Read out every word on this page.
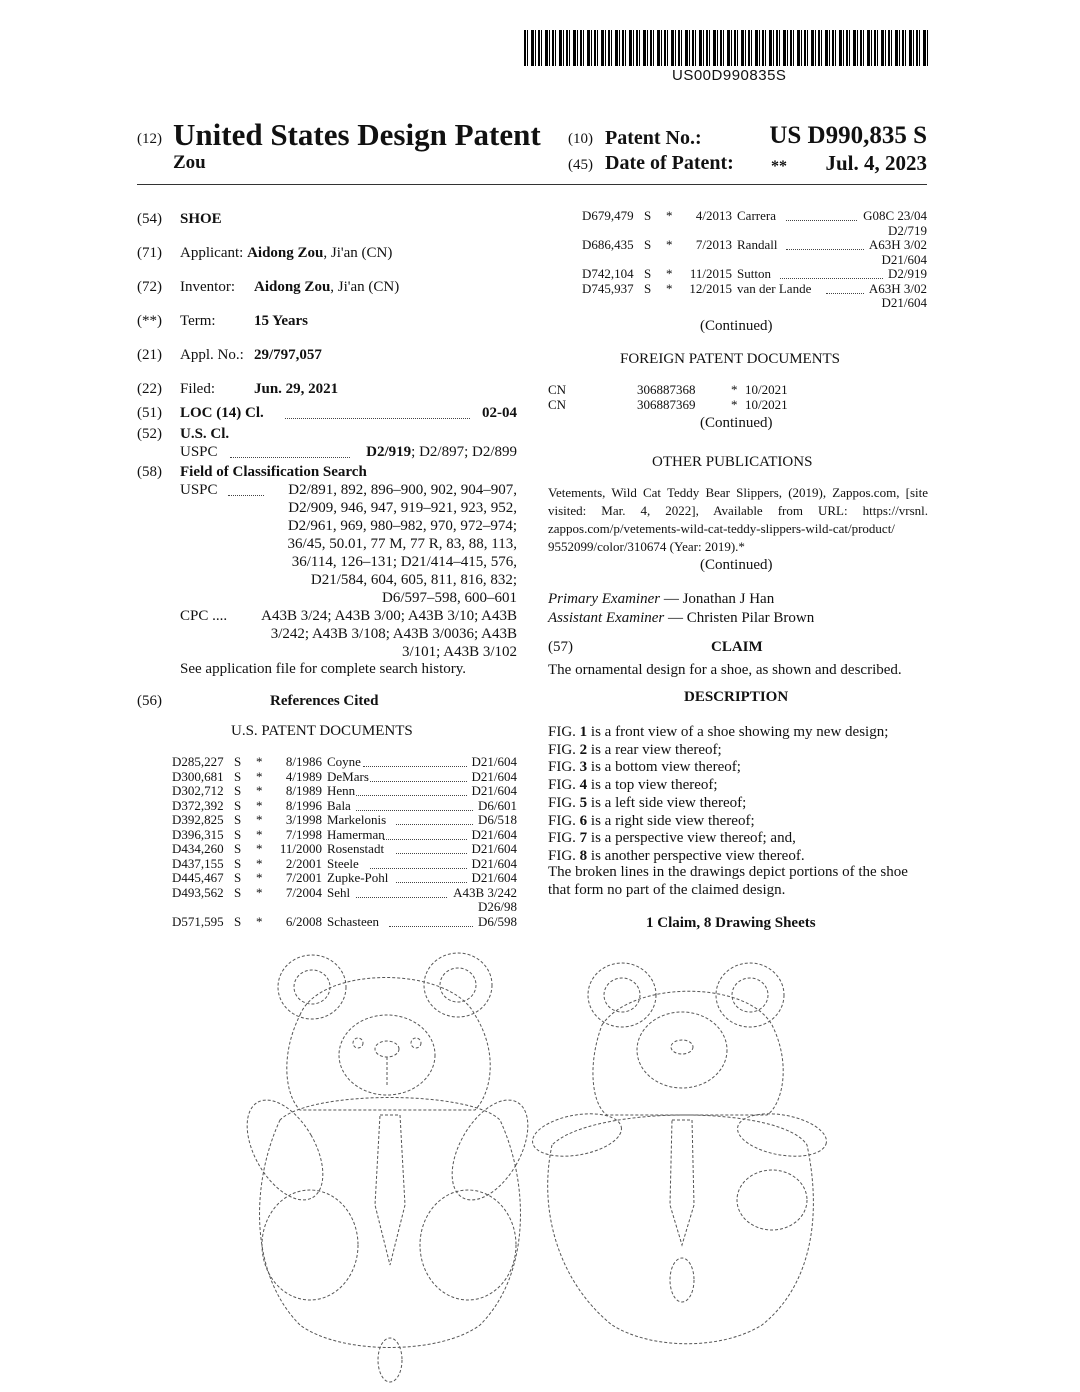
US00D990835S
(12) United States Design Patent
Zou
(10) Patent No.:	US D990,835 S
(45) Date of Patent: ** Jul. 4, 2023
(54) SHOE
(71) Applicant: Aidong Zou, Ji'an (CN)
(72) Inventor: Aidong Zou, Ji'an (CN)
(**) Term:	15 Years
(21) Appl. No.: 29/797,057
(22) Filed:	Jun. 29, 2021
(51) LOC (14) Cl.	02-04
(52) U.S. Cl.
USPC	D2/919; D2/897; D2/899
(58) Field of Classification Search
USPC	D2/891, 892, 896–900, 902, 904–907,
D2/909, 946, 947, 919–921, 923, 952,
D2/961, 969, 980–982, 970, 972–974;
36/45, 50.01, 77 M, 77 R, 83, 88, 113,
36/114, 126–131; D21/414–415, 576,
D21/584, 604, 605, 811, 816, 832;
D6/597–598, 600–601
CPC .... A43B 3/24; A43B 3/00; A43B 3/10; A43B
3/242; A43B 3/108; A43B 3/0036; A43B
3/101; A43B 3/102
See application file for complete search history.
(56)	References Cited
U.S. PATENT DOCUMENTS
D285,227 S * 8/1986 Coyne	D21/604
D300,681 S * 4/1989 DeMars	D21/604
D302,712 S * 8/1989 Henn	D21/604
D372,392 S * 8/1996 Bala	D6/601
D392,825 S * 3/1998 Markelonis	D6/518
D396,315 S * 7/1998 Hamerman	D21/604
D434,260 S * 11/2000 Rosenstadt	D21/604
D437,155 S * 2/2001 Steele	D21/604
D445,467 S * 7/2001 Zupke-Pohl	D21/604
D493,562 S * 7/2004 Sehl	A43B 3/242
D26/98
D571,595 S * 6/2008 Schasteen	D6/598
D679,479 S * 4/2013 Carrera	G08C 23/04
D2/719
D686,435 S * 7/2013 Randall	A63H 3/02
D21/604
D742,104 S * 11/2015 Sutton	D2/919
D745,937 S * 12/2015 van der Lande	A63H 3/02
D21/604
(Continued)
FOREIGN PATENT DOCUMENTS
CN	306887368	* 10/2021
CN	306887369	* 10/2021
(Continued)
OTHER PUBLICATIONS
Vetements, Wild Cat Teddy Bear Slippers, (2019), Zappos.com, [site visited: Mar. 4, 2022], Available from URL: https://vrsnl. zappos.com/p/vetements-wild-cat-teddy-slippers-wild-cat/product/ 9552099/color/310674 (Year: 2019).*
(Continued)
Primary Examiner — Jonathan J Han
Assistant Examiner — Christen Pilar Brown
(57)	CLAIM
The ornamental design for a shoe, as shown and described.
DESCRIPTION
FIG. 1 is a front view of a shoe showing my new design;
FIG. 2 is a rear view thereof;
FIG. 3 is a bottom view thereof;
FIG. 4 is a top view thereof;
FIG. 5 is a left side view thereof;
FIG. 6 is a right side view thereof;
FIG. 7 is a perspective view thereof; and,
FIG. 8 is another perspective view thereof.
The broken lines in the drawings depict portions of the shoe
that form no part of the claimed design.
1 Claim, 8 Drawing Sheets
